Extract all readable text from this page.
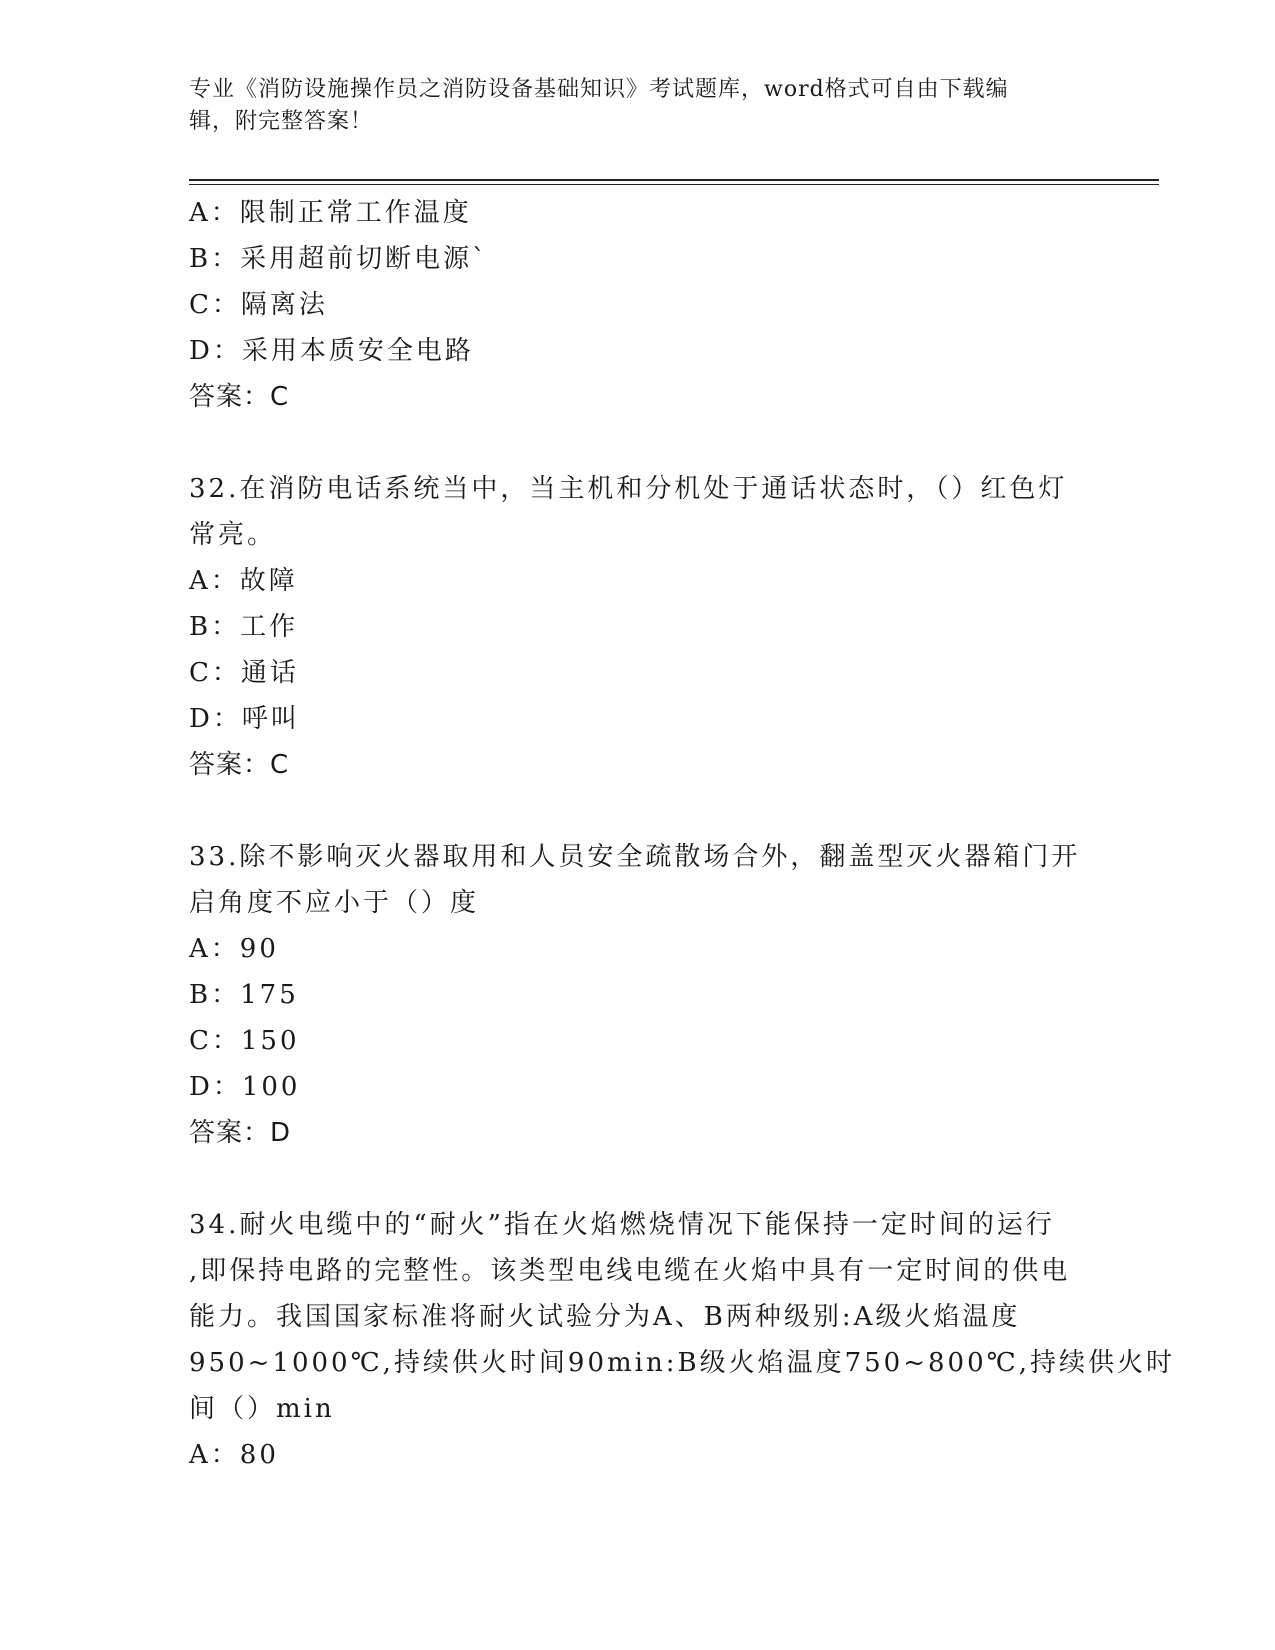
专业《消防设施操作员之消防设备基础知识》考试题库，word格式可自由下载编
辑，附完整答案！
A：限制正常工作温度
B：采用超前切断电源`
C：隔离法
D：采用本质安全电路
答案：C
32.在消防电话系统当中，当主机和分机处于通话状态时，（）红色灯
常亮。
A：故障
B：工作
C：通话
D：呼叫
答案：C
33.除不影响灭火器取用和人员安全疏散场合外，翻盖型灭火器箱门开
启角度不应小于（）度
A：90
B：175
C：150
D：100
答案：D
34.耐火电缆中的“耐火”指在火焰燃烧情况下能保持一定时间的运行
,即保持电路的完整性。该类型电线电缆在火焰中具有一定时间的供电
能力。我国国家标准将耐火试验分为A、B两种级别:A级火焰温度
950~1000℃,持续供火时间90min:B级火焰温度750~800℃,持续供火时
间（）min
A：80
